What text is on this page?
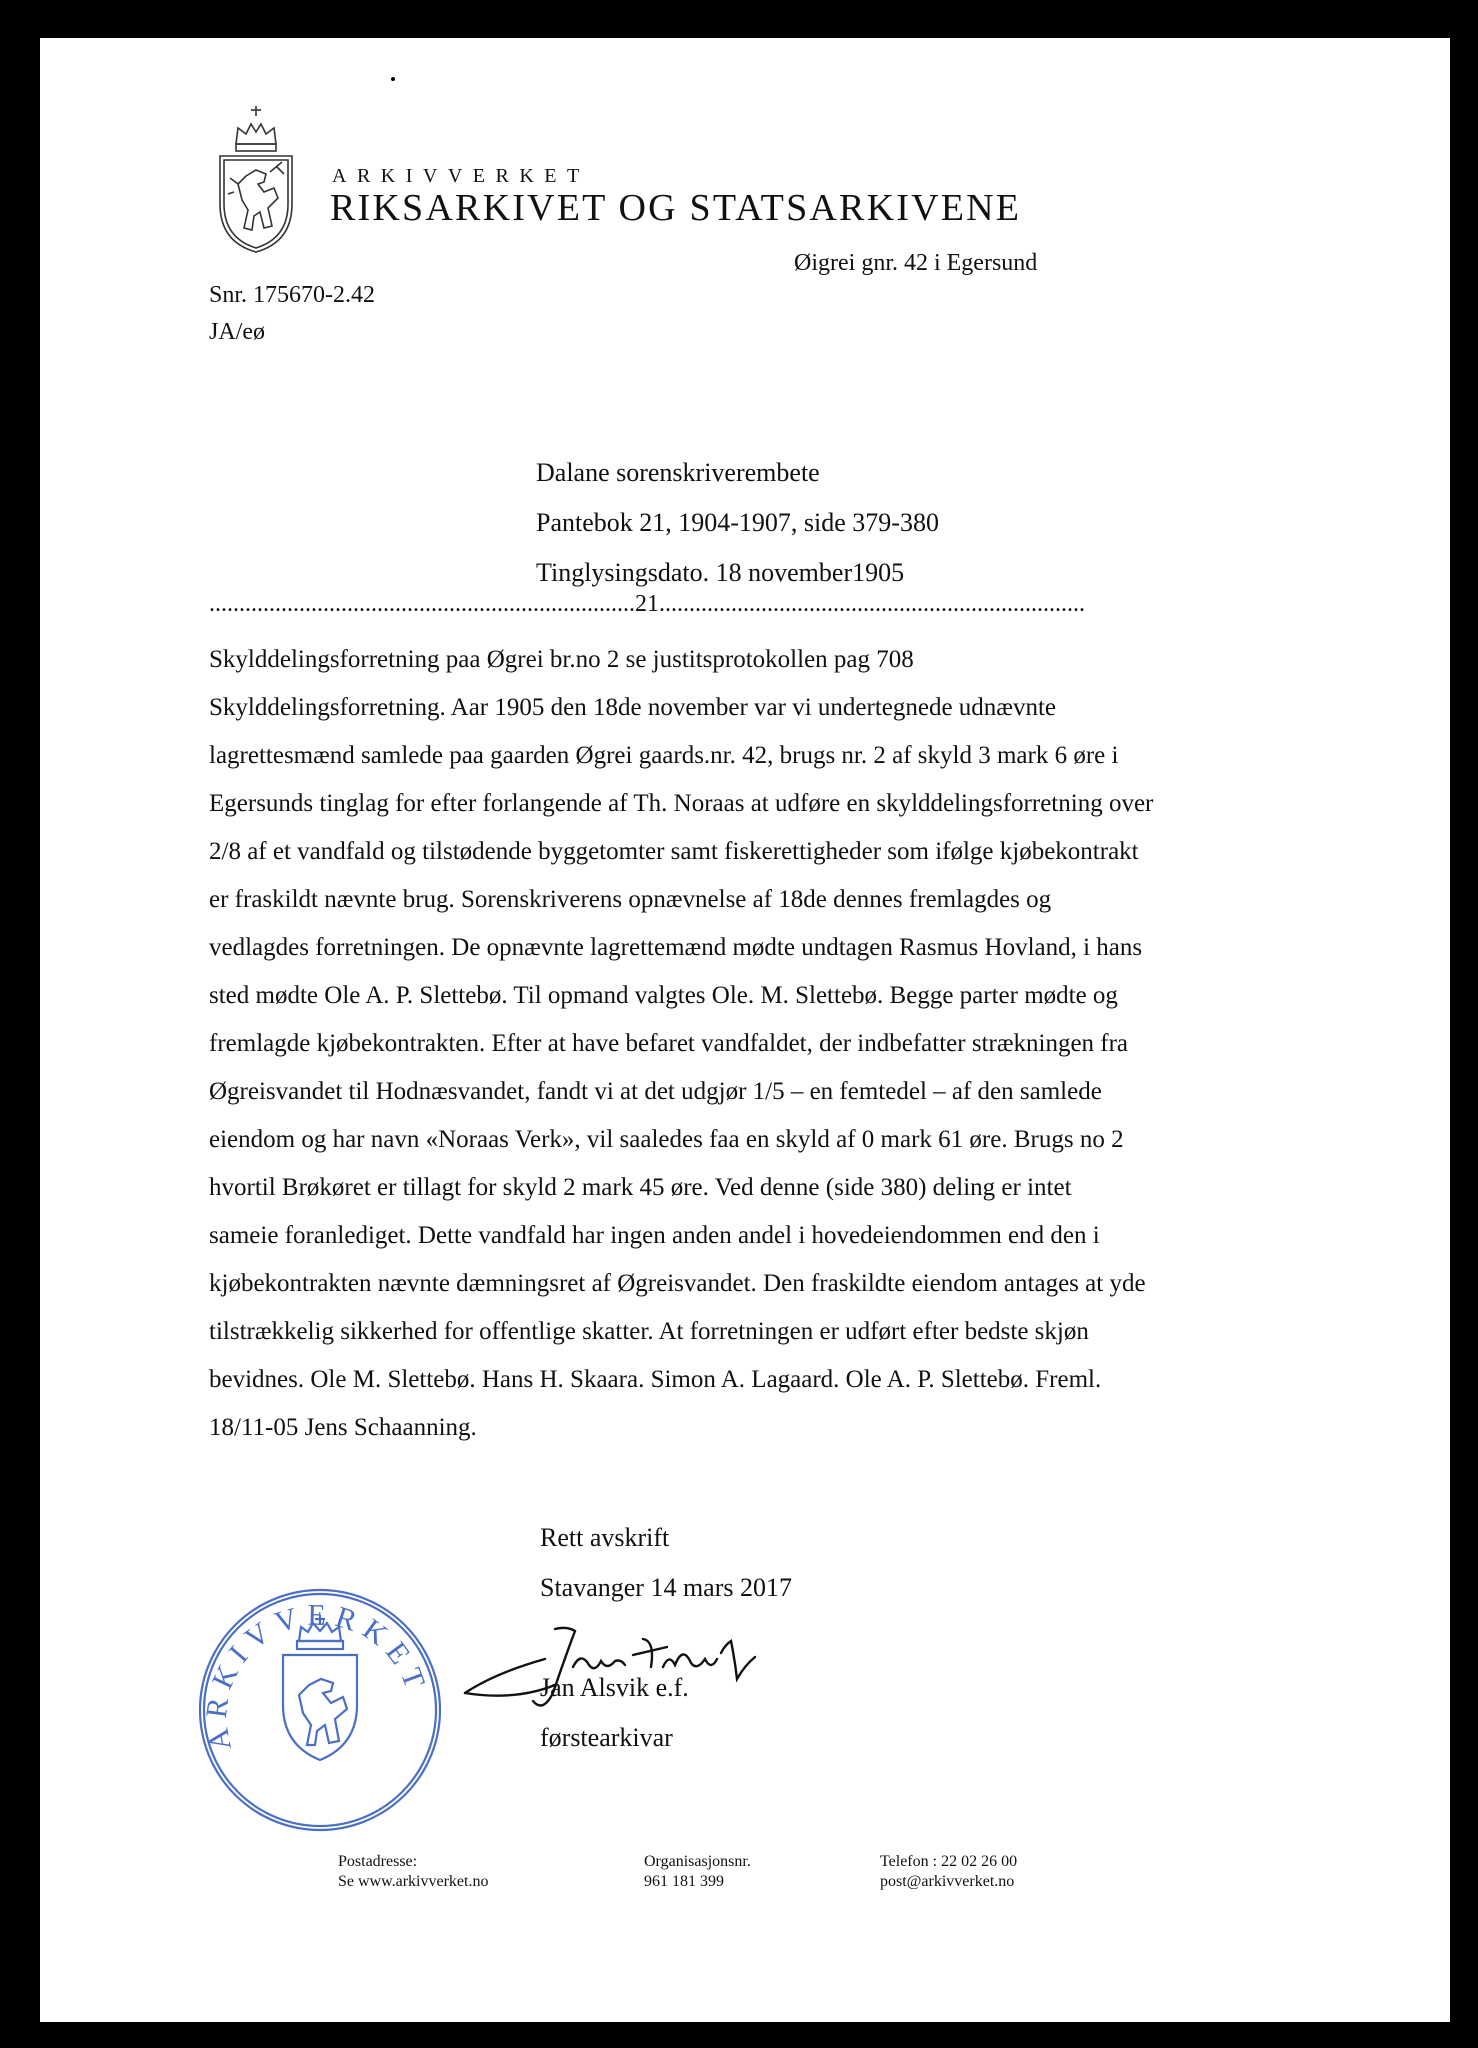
ARKIVVERKET
RIKSARKIVET OG STATSARKIVENE
Øigrei gnr. 42 i Egersund
Snr. 175670-2.42
JA/eø
Dalane sorenskriverembete
Pantebok 21, 1904-1907, side 379-380
Tinglysingsdato. 18 november1905
.......................................................................21.......................................................................

Skylddelingsforretning paa Øgrei br.no 2 se justitsprotokollen pag 708

Skylddelingsforretning. Aar 1905 den 18de november var vi undertegnede udnævnte

lagrettesmænd samlede paa gaarden Øgrei gaards.nr. 42, brugs nr. 2 af skyld 3 mark 6 øre i

Egersunds tinglag for efter forlangende af Th. Noraas at udføre en skylddelingsforretning over

2/8 af et vandfald og tilstødende byggetomter samt fiskerettigheder som ifølge kjøbekontrakt

er fraskildt nævnte brug. Sorenskriverens opnævnelse af 18de dennes fremlagdes og

vedlagdes forretningen. De opnævnte lagrettemænd mødte undtagen Rasmus Hovland, i hans

sted mødte Ole A. P. Slettebø. Til opmand valgtes Ole. M. Slettebø. Begge parter mødte og

fremlagde kjøbekontrakten. Efter at have befaret vandfaldet, der indbefatter strækningen fra

Øgreisvandet til Hodnæsvandet, fandt vi at det udgjør 1/5 – en femtedel – af den samlede

eiendom og har navn «Noraas Verk», vil saaledes faa en skyld af 0 mark 61 øre. Brugs no 2

hvortil Brøkøret er tillagt for skyld 2 mark 45 øre. Ved denne (side 380) deling er intet

sameie foranlediget. Dette vandfald har ingen anden andel i hovedeiendommen end den i

kjøbekontrakten nævnte dæmningsret af Øgreisvandet. Den fraskildte eiendom antages at yde

tilstrækkelig sikkerhed for offentlige skatter. At forretningen er udført efter bedste skjøn

bevidnes. Ole M. Slettebø. Hans H. Skaara. Simon A. Lagaard. Ole A. P. Slettebø. Freml.

18/11-05 Jens Schaanning.

Rett avskrift
Stavanger 14 mars 2017
Jan Alsvik e.f.
førstearkivar
ARKIVVERKET
Postadresse:
Se www.arkivverket.no
Organisasjonsnr.
961 181 399
Telefon : 22 02 26 00
post@arkivverket.no
